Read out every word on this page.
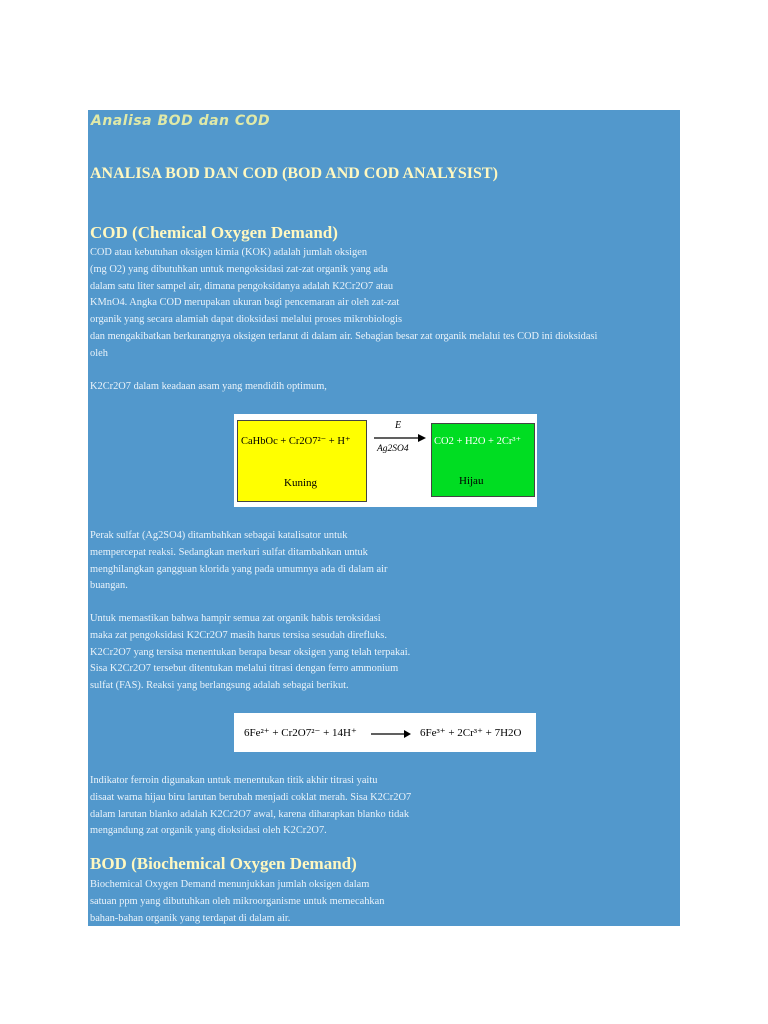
Analisa BOD dan COD
ANALISA BOD DAN COD (BOD AND COD ANALYSIST)
COD (Chemical Oxygen Demand)
COD atau kebutuhan oksigen kimia (KOK) adalah jumlah oksigen
(mg O2) yang dibutuhkan untuk mengoksidasi zat-zat organik yang ada
dalam satu liter sampel air, dimana pengoksidanya adalah K2Cr2O7 atau
KMnO4. Angka COD merupakan ukuran bagi pencemaran air oleh zat-zat
organik yang secara alamiah dapat dioksidasi melalui proses mikrobiologis
dan mengakibatkan berkurangnya oksigen terlarut di dalam air. Sebagian besar zat organik melalui tes COD ini dioksidasi
oleh
K2Cr2O7 dalam keadaan asam yang mendidih optimum,
CaHbOc + Cr2O7²⁻ + H⁺
Kuning
E
Ag2SO4
CO2 + H2O + 2Cr³⁺
Hijau
Perak sulfat (Ag2SO4) ditambahkan sebagai katalisator untuk
mempercepat reaksi. Sedangkan merkuri sulfat ditambahkan untuk
menghilangkan gangguan klorida yang pada umumnya ada di dalam air
buangan.
Untuk memastikan bahwa hampir semua zat organik habis teroksidasi
maka zat pengoksidasi K2Cr2O7 masih harus tersisa sesudah direfluks.
K2Cr2O7 yang tersisa menentukan berapa besar oksigen yang telah terpakai.
Sisa K2Cr2O7 tersebut ditentukan melalui titrasi dengan ferro ammonium
sulfat (FAS). Reaksi yang berlangsung adalah sebagai berikut.
6Fe²⁺ + Cr2O7²⁻ + 14H⁺ → 6Fe³⁺ + 2Cr³⁺ + 7H2O
Indikator ferroin digunakan untuk menentukan titik akhir titrasi yaitu
disaat warna hijau biru larutan berubah menjadi coklat merah. Sisa K2Cr2O7
dalam larutan blanko adalah K2Cr2O7 awal, karena diharapkan blanko tidak
mengandung zat organik yang dioksidasi oleh K2Cr2O7.
BOD (Biochemical Oxygen Demand)
Biochemical Oxygen Demand menunjukkan jumlah oksigen dalam
satuan ppm yang dibutuhkan oleh mikroorganisme untuk memecahkan
bahan-bahan organik yang terdapat di dalam air.
